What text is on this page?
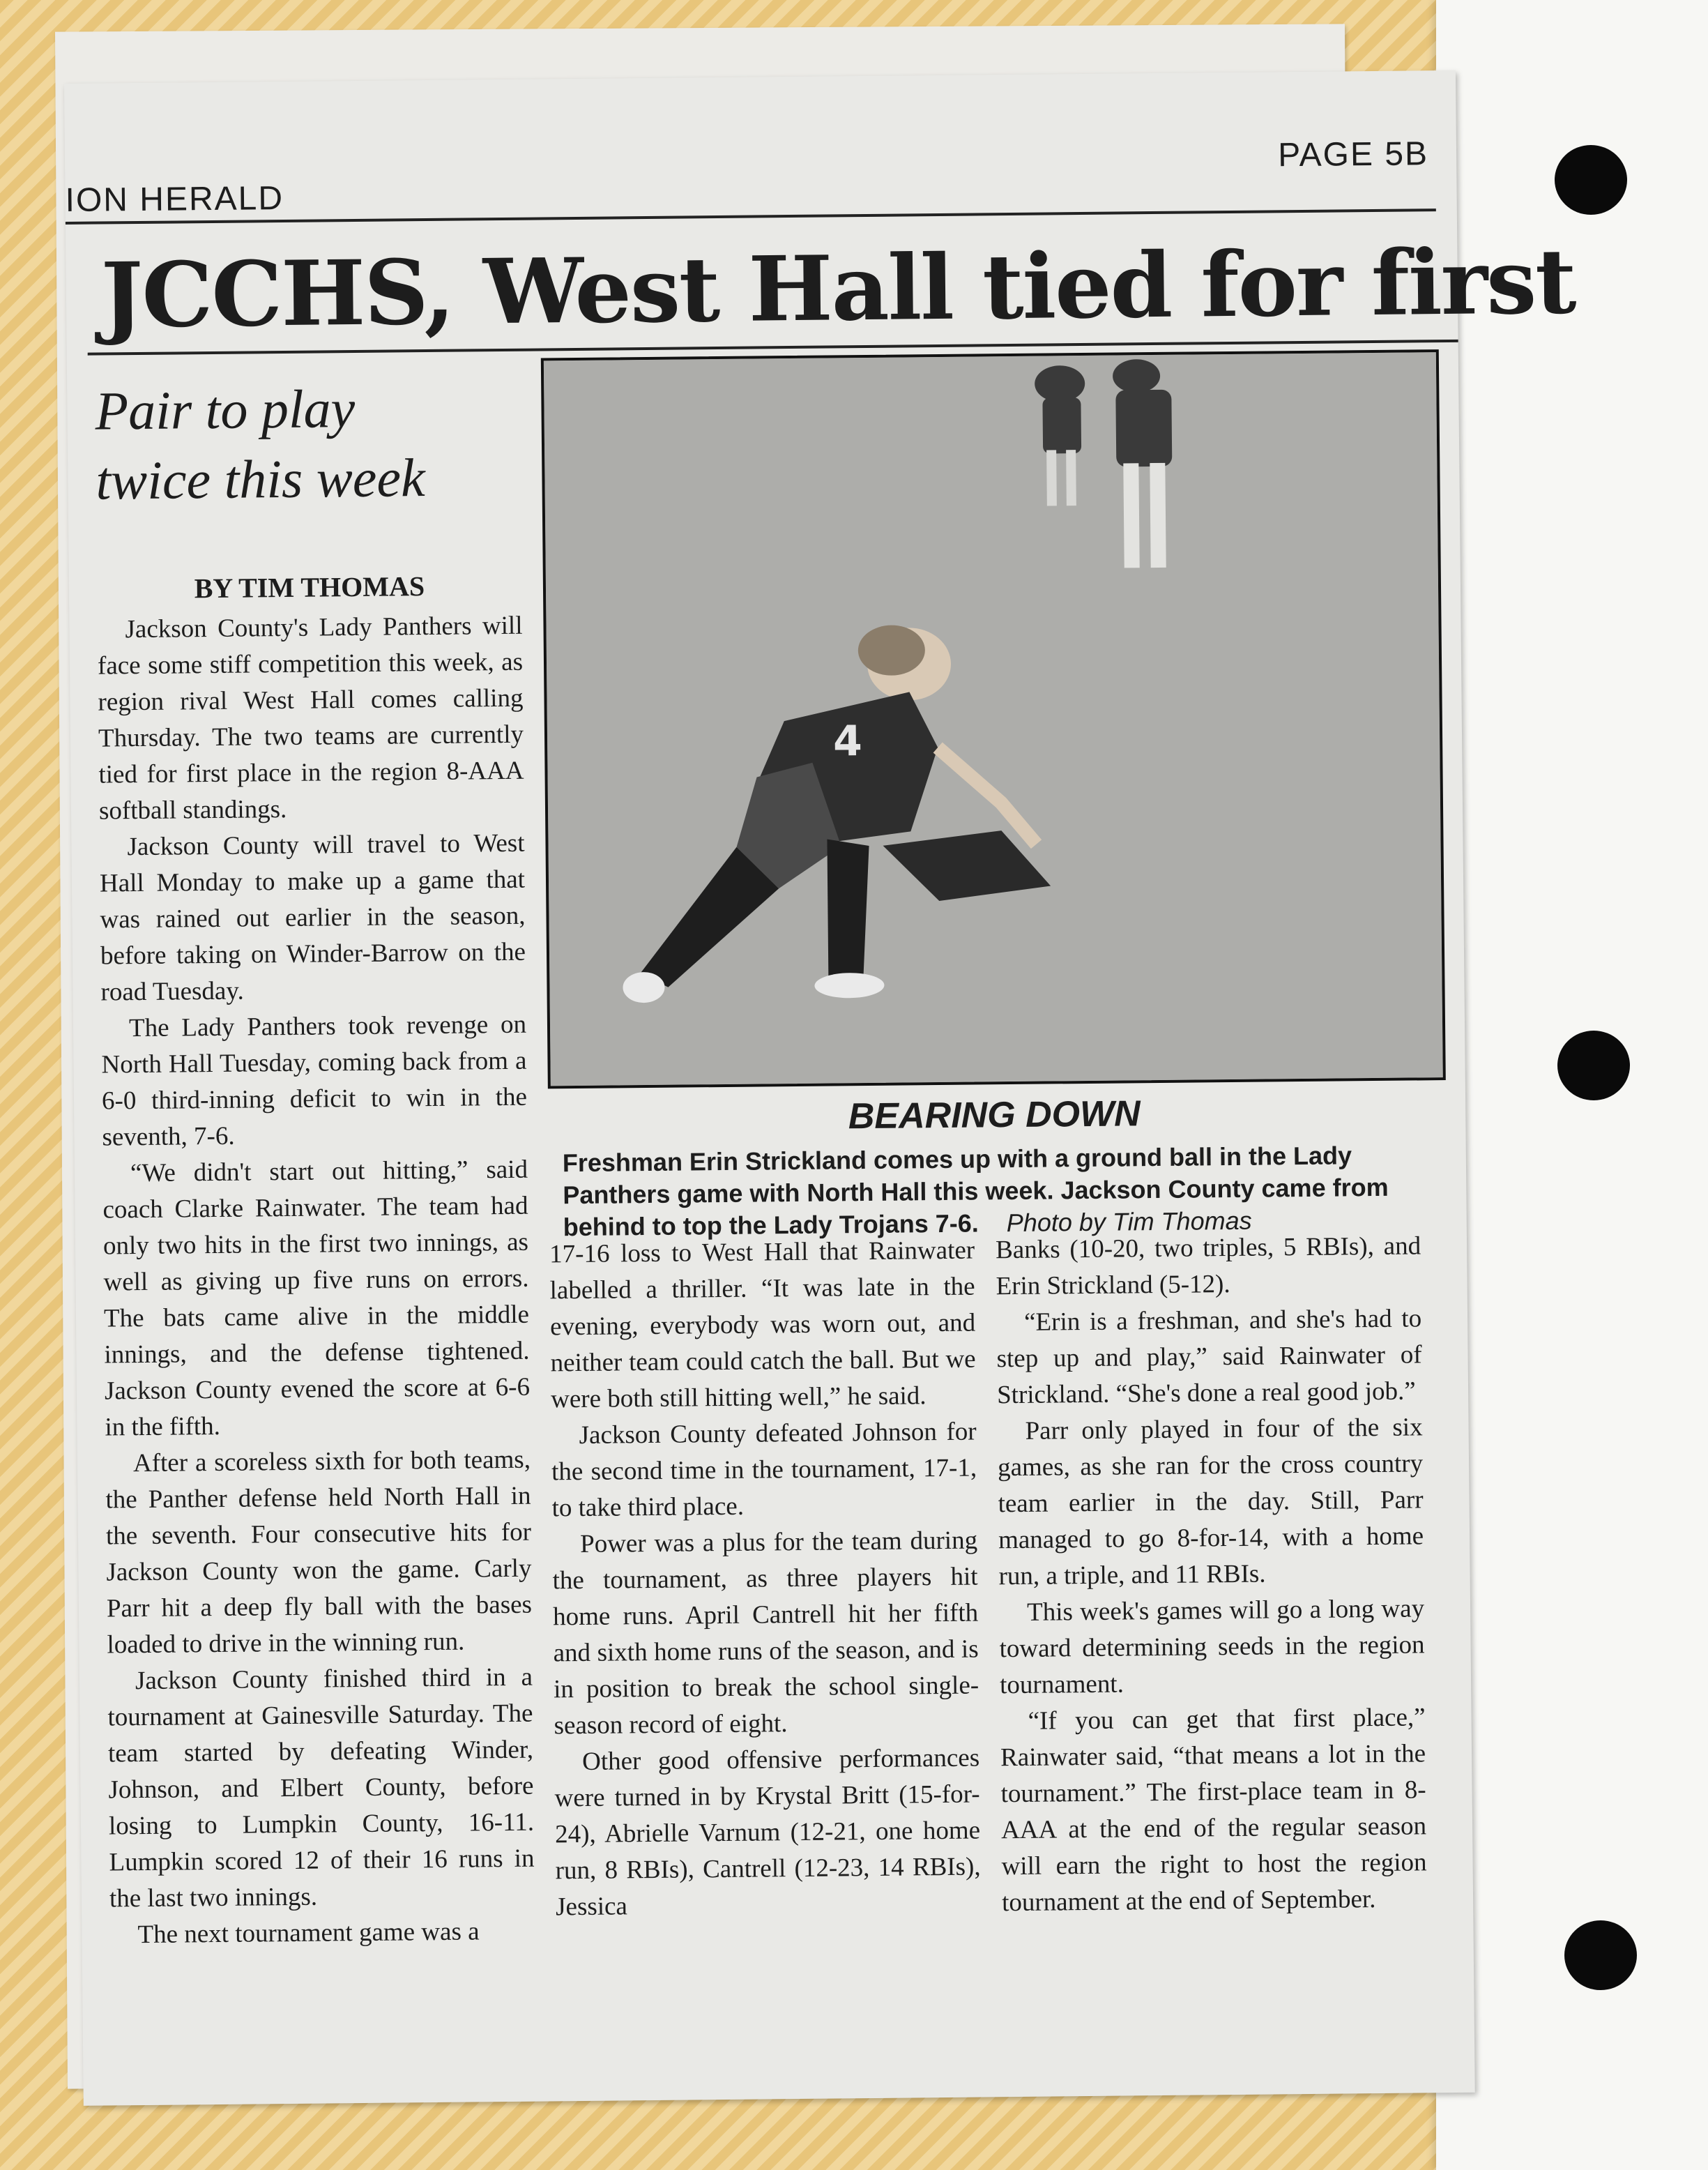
ION HERALD
PAGE 5B
JCCHS, West Hall tied for first
Pair to play
twice this week
4
BEARING DOWN
Freshman Erin Strickland comes up with a ground ball in the Lady Panthers game with North Hall this week. Jackson County came from behind to top the Lady Trojans 7-6. Photo by Tim Thomas
BY TIM THOMAS

Jackson County's Lady Panthers will face some stiff competition this week, as region rival West Hall comes calling Thursday. The two teams are currently tied for first place in the region 8-AAA softball standings.

Jackson County will travel to West Hall Monday to make up a game that was rained out earlier in the season, before taking on Winder-Barrow on the road Tuesday.

The Lady Panthers took revenge on North Hall Tuesday, coming back from a 6-0 third-inning deficit to win in the seventh, 7-6.

“We didn't start out hitting,” said coach Clarke Rainwater. The team had only two hits in the first two innings, as well as giving up five runs on errors. The bats came alive in the middle innings, and the defense tightened. Jackson County evened the score at 6-6 in the fifth.

After a scoreless sixth for both teams, the Panther defense held North Hall in the seventh. Four consecutive hits for Jackson County won the game. Carly Parr hit a deep fly ball with the bases loaded to drive in the winning run.

Jackson County finished third in a tournament at Gainesville Saturday. The team started by defeating Winder, Johnson, and Elbert County, before losing to Lumpkin County, 16-11. Lumpkin scored 12 of their 16 runs in the last two innings.

The next tournament game was a

17-16 loss to West Hall that Rainwater labelled a thriller. “It was late in the evening, everybody was worn out, and neither team could catch the ball. But we were both still hitting well,” he said.

Jackson County defeated Johnson for the second time in the tournament, 17-1, to take third place.

Power was a plus for the team during the tournament, as three players hit home runs. April Cantrell hit her fifth and sixth home runs of the season, and is in position to break the school single-season record of eight.

Other good offensive performances were turned in by Krystal Britt (15-for-24), Abrielle Varnum (12-21, one home run, 8 RBIs), Cantrell (12-23, 14 RBIs), Jessica

Banks (10-20, two triples, 5 RBIs), and Erin Strickland (5-12).

“Erin is a freshman, and she's had to step up and play,” said Rainwater of Strickland. “She's done a real good job.”

Parr only played in four of the six games, as she ran for the cross country team earlier in the day. Still, Parr managed to go 8-for-14, with a home run, a triple, and 11 RBIs.

This week's games will go a long way toward determining seeds in the region tournament.

“If you can get that first place,” Rainwater said, “that means a lot in the tournament.” The first-place team in 8-AAA at the end of the regular season will earn the right to host the region tournament at the end of September.
